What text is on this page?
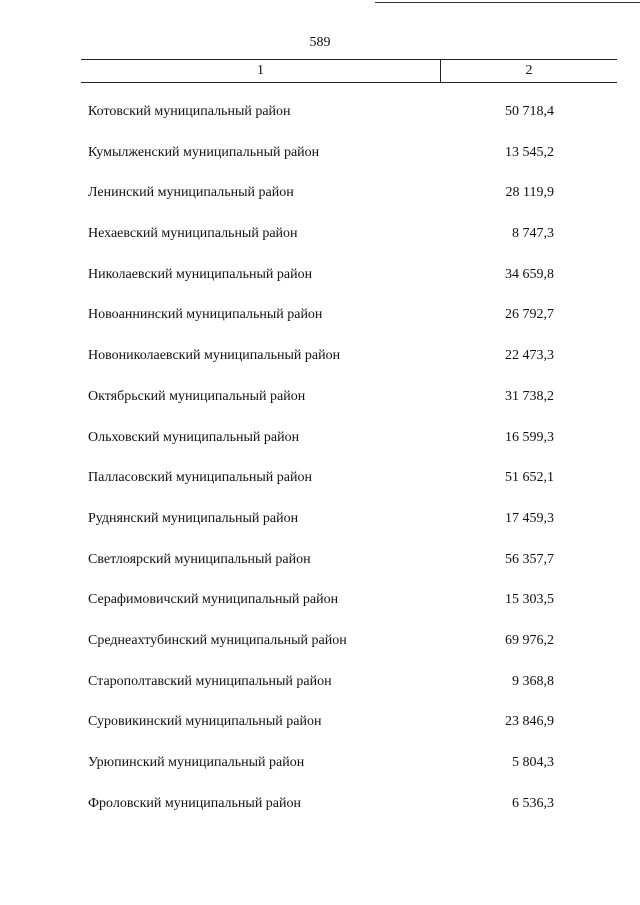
589
1	2
Котовский муниципальный район	50 718,4
Кумылженский муниципальный район	13 545,2
Ленинский муниципальный район	28 119,9
Нехаевский муниципальный район	8 747,3
Николаевский муниципальный район	34 659,8
Новоаннинский муниципальный район	26 792,7
Новониколаевский муниципальный район	22 473,3
Октябрьский муниципальный район	31 738,2
Ольховский муниципальный район	16 599,3
Палласовский муниципальный район	51 652,1
Руднянский муниципальный район	17 459,3
Светлоярский муниципальный район	56 357,7
Серафимовичский муниципальный район	15 303,5
Среднеахтубинский муниципальный район	69 976,2
Старополтавский муниципальный район	9 368,8
Суровикинский муниципальный район	23 846,9
Урюпинский муниципальный район	5 804,3
Фроловский муниципальный район	6 536,3
